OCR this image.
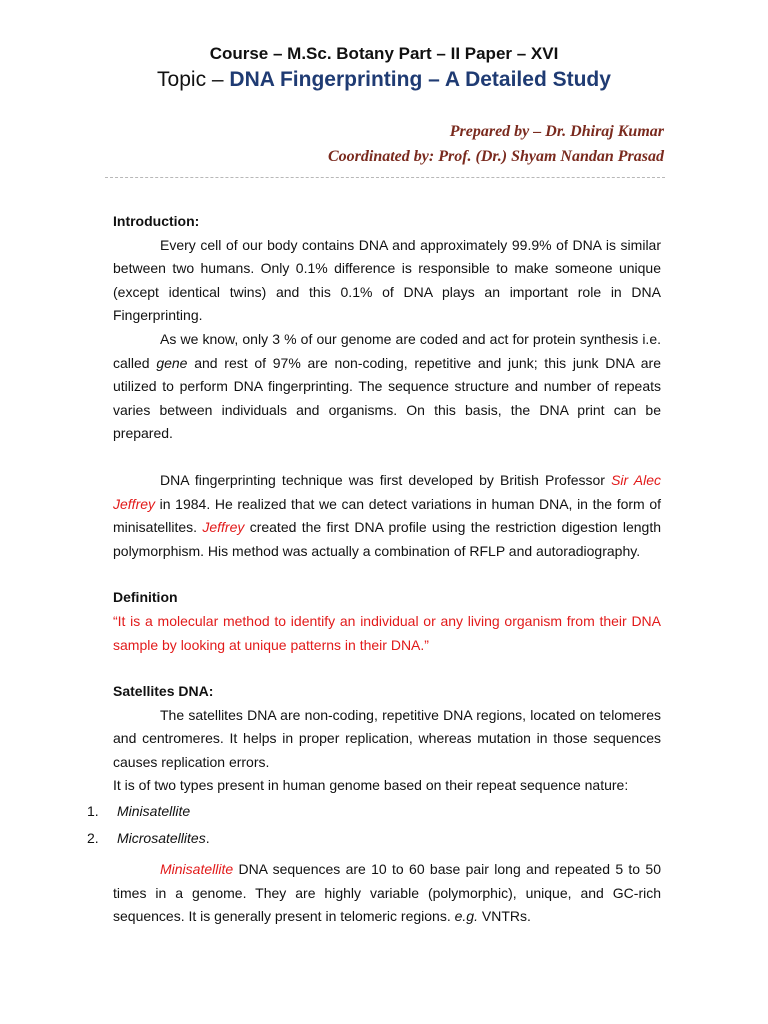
Course – M.Sc. Botany Part – II Paper – XVI
Topic – DNA Fingerprinting – A Detailed Study
Prepared by – Dr. Dhiraj Kumar
Coordinated by: Prof. (Dr.) Shyam Nandan Prasad
Introduction:

Every cell of our body contains DNA and approximately 99.9% of DNA is similar between two humans. Only 0.1% difference is responsible to make someone unique (except identical twins) and this 0.1% of DNA plays an important role in DNA Fingerprinting.

As we know, only 3 % of our genome are coded and act for protein synthesis i.e. called gene and rest of 97% are non-coding, repetitive and junk; this junk DNA are utilized to perform DNA fingerprinting. The sequence structure and number of repeats varies between individuals and organisms. On this basis, the DNA print can be prepared.

DNA fingerprinting technique was first developed by British Professor Sir Alec Jeffrey in 1984. He realized that we can detect variations in human DNA, in the form of minisatellites. Jeffrey created the first DNA profile using the restriction digestion length polymorphism. His method was actually a combination of RFLP and autoradiography.

Definition

“It is a molecular method to identify an individual or any living organism from their DNA sample by looking at unique patterns in their DNA.”

Satellites DNA:

The satellites DNA are non-coding, repetitive DNA regions, located on telomeres and centromeres. It helps in proper replication, whereas mutation in those sequences causes replication errors.

It is of two types present in human genome based on their repeat sequence nature:

1. Minisatellite
2. Microsatellites.

Minisatellite DNA sequences are 10 to 60 base pair long and repeated 5 to 50 times in a genome. They are highly variable (polymorphic), unique, and GC-rich sequences. It is generally present in telomeric regions. e.g. VNTRs.
